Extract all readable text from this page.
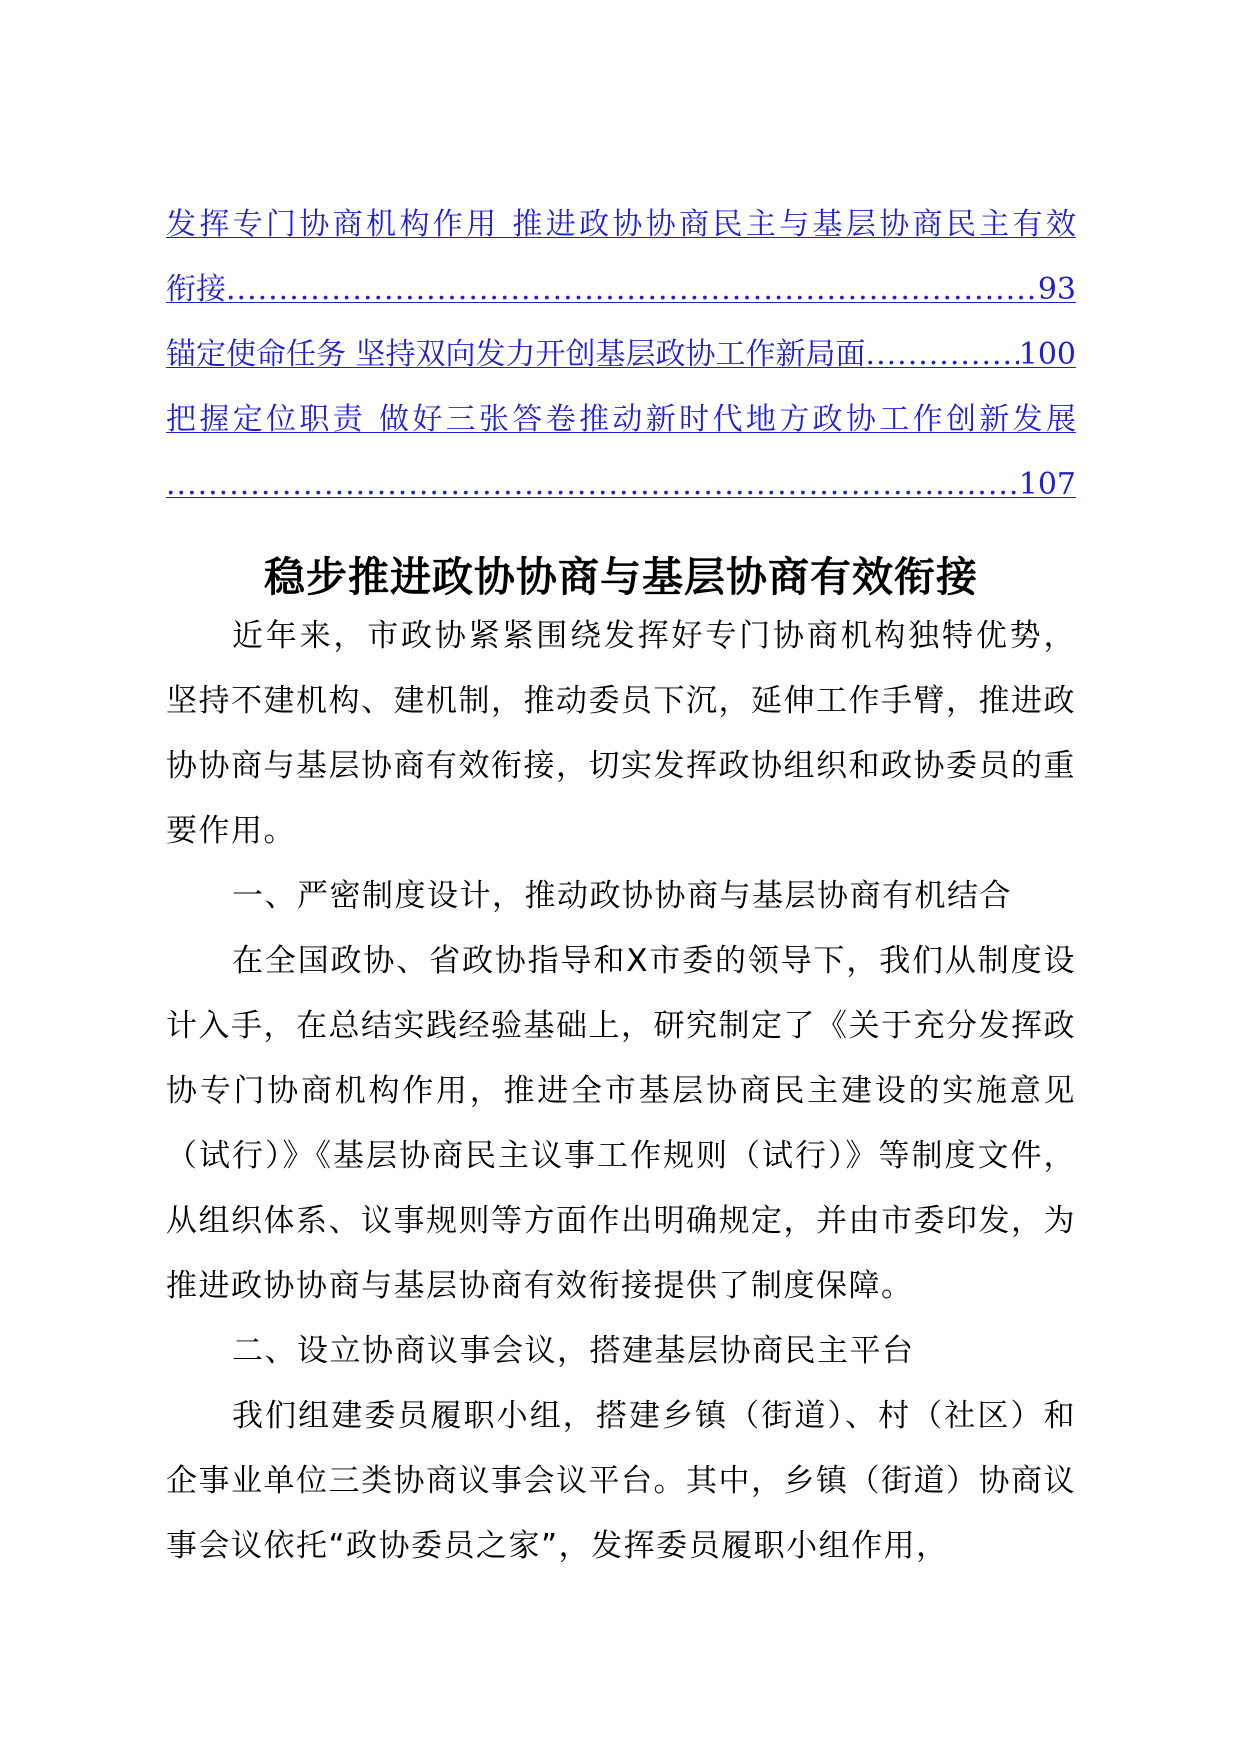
发挥专门协商机构作用 推进政协协商民主与基层协商民主有效
衔接 .....	93
锚定使命任务 坚持双向发力开创基层政协工作新局面 .....	100
把握定位职责 做好三张答卷推动新时代地方政协工作创新发展
.....
107
稳步推进政协协商与基层协商有效衔接

近年来，市政协紧紧围绕发挥好专门协商机构独特优势，坚持不建机构、建机制，推动委员下沉，延伸工作手臂，推进政协协商与基层协商有效衔接，切实发挥政协组织和政协委员的重要作用。

一、严密制度设计，推动政协协商与基层协商有机结合

在全国政协、省政协指导和X市委的领导下，我们从制度设计入手，在总结实践经验基础上，研究制定了《关于充分发挥政协专门协商机构作用，推进全市基层协商民主建设的实施意见（试行）》《基层协商民主议事工作规则（试行）》等制度文件，从组织体系、议事规则等方面作出明确规定，并由市委印发，为推进政协协商与基层协商有效衔接提供了制度保障。

二、设立协商议事会议，搭建基层协商民主平台

我们组建委员履职小组，搭建乡镇（街道）、村（社区）和企事业单位三类协商议事会议平台。其中，乡镇（街道）协商议事会议依托“政协委员之家”，发挥委员履职小组作用，
